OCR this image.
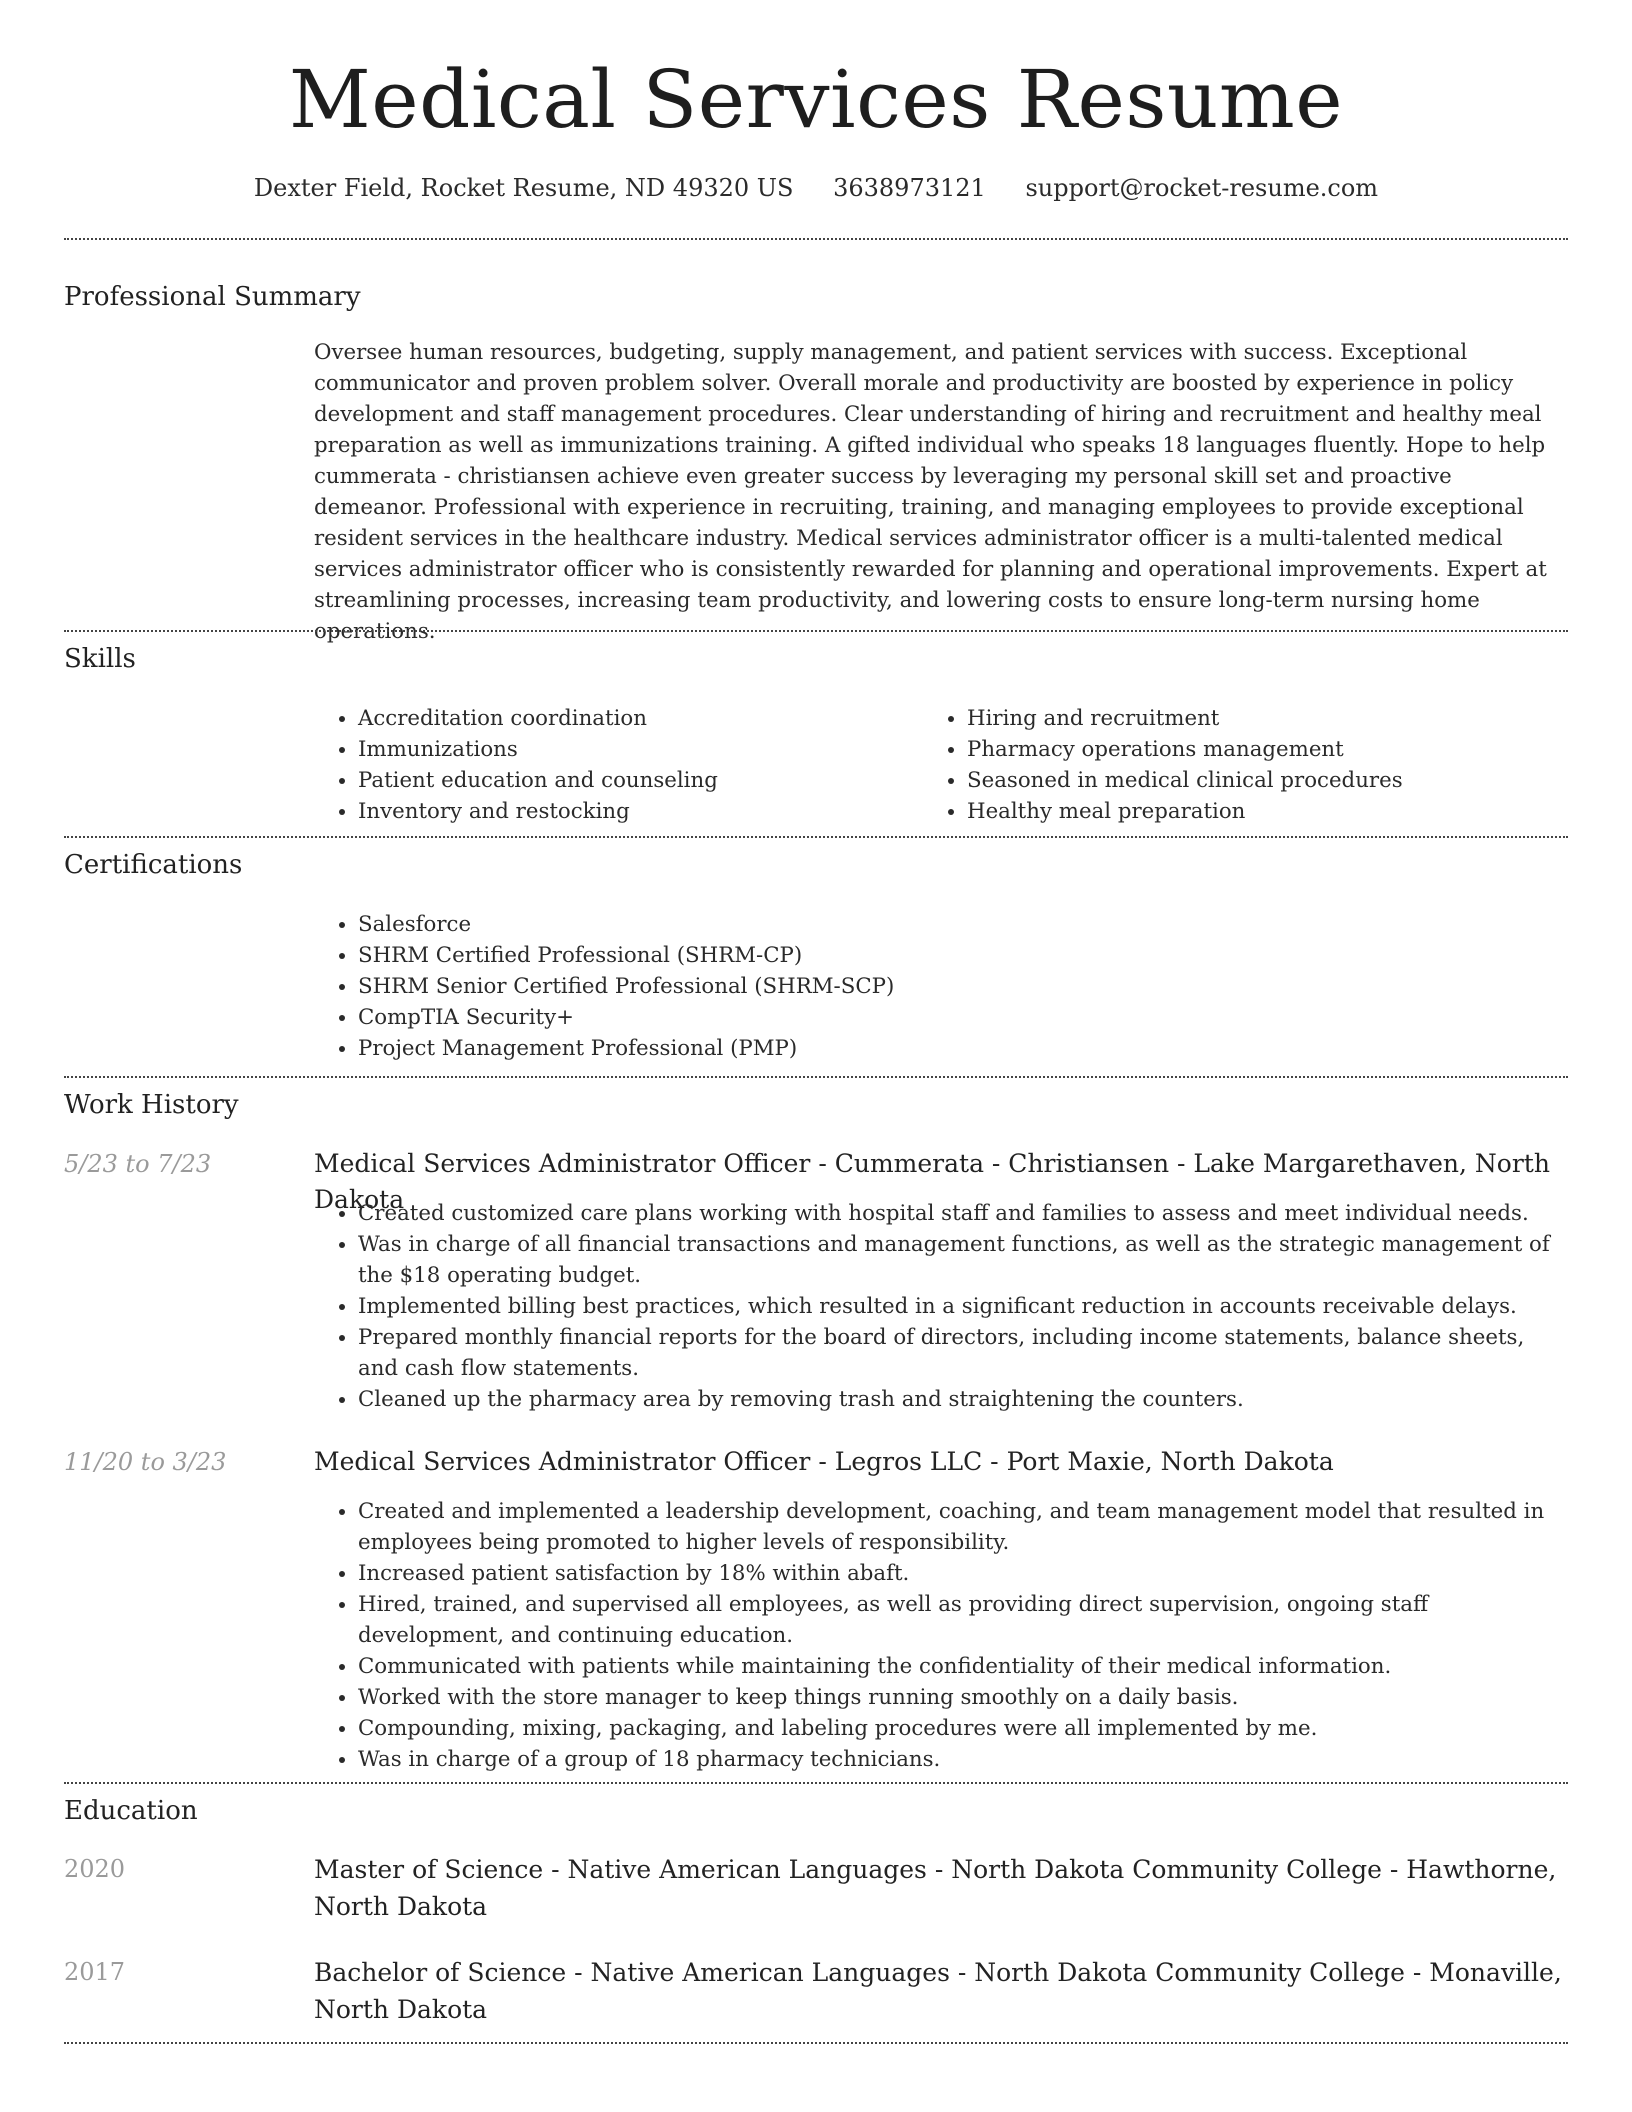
Medical Services Resume
Dexter Field, Rocket Resume, ND 49320 US 3638973121 support@rocket-resume.com
Professional Summary
Oversee human resources, budgeting, supply management, and patient services with success. Exceptional communicator and proven problem solver. Overall morale and productivity are boosted by experience in policy development and staff management procedures. Clear understanding of hiring and recruitment and healthy meal preparation as well as immunizations training. A gifted individual who speaks 18 languages fluently. Hope to help cummerata - christiansen achieve even greater success by leveraging my personal skill set and proactive demeanor. Professional with experience in recruiting, training, and managing employees to provide exceptional resident services in the healthcare industry. Medical services administrator officer is a multi-talented medical services administrator officer who is consistently rewarded for planning and operational improvements. Expert at streamlining processes, increasing team productivity, and lowering costs to ensure long-term nursing home operations.
Skills
• Accreditation coordination
• Immunizations
• Patient education and counseling
• Inventory and restocking
• Hiring and recruitment
• Pharmacy operations management
• Seasoned in medical clinical procedures
• Healthy meal preparation
Certifications
• Salesforce
• SHRM Certified Professional (SHRM-CP)
• SHRM Senior Certified Professional (SHRM-SCP)
• CompTIA Security+
• Project Management Professional (PMP)
Work History
5/23 to 7/23	Medical Services Administrator Officer - Cummerata - Christiansen - Lake Margarethaven, North Dakota
• Created customized care plans working with hospital staff and families to assess and meet individual needs.
• Was in charge of all financial transactions and management functions, as well as the strategic management of the $18 operating budget.
• Implemented billing best practices, which resulted in a significant reduction in accounts receivable delays.
• Prepared monthly financial reports for the board of directors, including income statements, balance sheets, and cash flow statements.
• Cleaned up the pharmacy area by removing trash and straightening the counters.
11/20 to 3/23	Medical Services Administrator Officer - Legros LLC - Port Maxie, North Dakota
• Created and implemented a leadership development, coaching, and team management model that resulted in employees being promoted to higher levels of responsibility.
• Increased patient satisfaction by 18% within abaft.
• Hired, trained, and supervised all employees, as well as providing direct supervision, ongoing staff development, and continuing education.
• Communicated with patients while maintaining the confidentiality of their medical information.
• Worked with the store manager to keep things running smoothly on a daily basis.
• Compounding, mixing, packaging, and labeling procedures were all implemented by me.
• Was in charge of a group of 18 pharmacy technicians.
Education
2020	Master of Science - Native American Languages - North Dakota Community College - Hawthorne, North Dakota
2017	Bachelor of Science - Native American Languages - North Dakota Community College - Monaville, North Dakota
